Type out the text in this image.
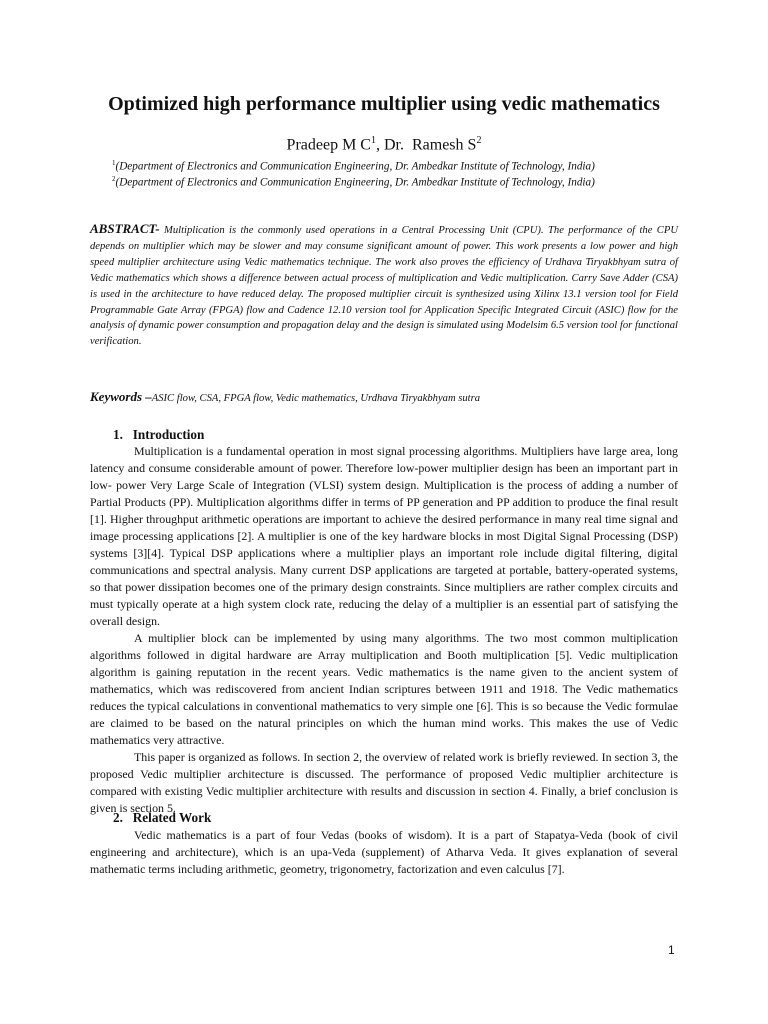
Optimized high performance multiplier using vedic mathematics
Pradeep M $C^1$, Dr.  Ramesh $S^2$
$^1$(Department of Electronics and Communication Engineering, Dr. Ambedkar Institute of Technology, India)
$^2$(Department of Electronics and Communication Engineering, Dr. Ambedkar Institute of Technology, India)
ABSTRACT- Multiplication is the commonly used operations in a Central Processing Unit (CPU). The performance of the CPU depends on multiplier which may be slower and may consume significant amount of power. This work presents a low power and high speed multiplier architecture using Vedic mathematics technique. The work also proves the efficiency of Urdhava Tiryakbhyam sutra of Vedic mathematics which shows a difference between actual process of multiplication and Vedic multiplication. Carry Save Adder (CSA) is used in the architecture to have reduced delay. The proposed multiplier circuit is synthesized using Xilinx 13.1 version tool for Field Programmable Gate Array (FPGA) flow and Cadence 12.10 version tool for Application Specific Integrated Circuit (ASIC) flow for the analysis of dynamic power consumption and propagation delay and the design is simulated using Modelsim 6.5 version tool for functional verification.
Keywords –ASIC flow, CSA, FPGA flow, Vedic mathematics, Urdhava Tiryakbhyam sutra
1.   Introduction

Multiplication is a fundamental operation in most signal processing algorithms. Multipliers have large area, long latency and consume considerable amount of power. Therefore low-power multiplier design has been an important part in low- power Very Large Scale of Integration (VLSI) system design. Multiplication is the process of adding a number of Partial Products (PP). Multiplication algorithms differ in terms of PP generation and PP addition to produce the final result [1]. Higher throughput arithmetic operations are important to achieve the desired performance in many real time signal and image processing applications [2]. A multiplier is one of the key hardware blocks in most Digital Signal Processing (DSP) systems [3][4]. Typical DSP applications where a multiplier plays an important role include digital filtering, digital communications and spectral analysis. Many current DSP applications are targeted at portable, battery-operated systems, so that power dissipation becomes one of the primary design constraints. Since multipliers are rather complex circuits and must typically operate at a high system clock rate, reducing the delay of a multiplier is an essential part of satisfying the overall design.

A multiplier block can be implemented by using many algorithms. The two most common multiplication algorithms followed in digital hardware are Array multiplication and Booth multiplication [5]. Vedic multiplication algorithm is gaining reputation in the recent years. Vedic mathematics is the name given to the ancient system of mathematics, which was rediscovered from ancient Indian scriptures between 1911 and 1918. The Vedic mathematics reduces the typical calculations in conventional mathematics to very simple one [6]. This is so because the Vedic formulae are claimed to be based on the natural principles on which the human mind works. This makes the use of Vedic mathematics very attractive.

This paper is organized as follows. In section 2, the overview of related work is briefly reviewed. In section 3, the proposed Vedic multiplier architecture is discussed. The performance of proposed Vedic multiplier architecture is compared with existing Vedic multiplier architecture with results and discussion in section 4. Finally, a brief conclusion is given is section 5.

2.   Related Work

Vedic mathematics is a part of four Vedas (books of wisdom). It is a part of Stapatya-Veda (book of civil engineering and architecture), which is an upa-Veda (supplement) of Atharva Veda. It gives explanation of several mathematic terms including arithmetic, geometry, trigonometry, factorization and even calculus [7].

1
